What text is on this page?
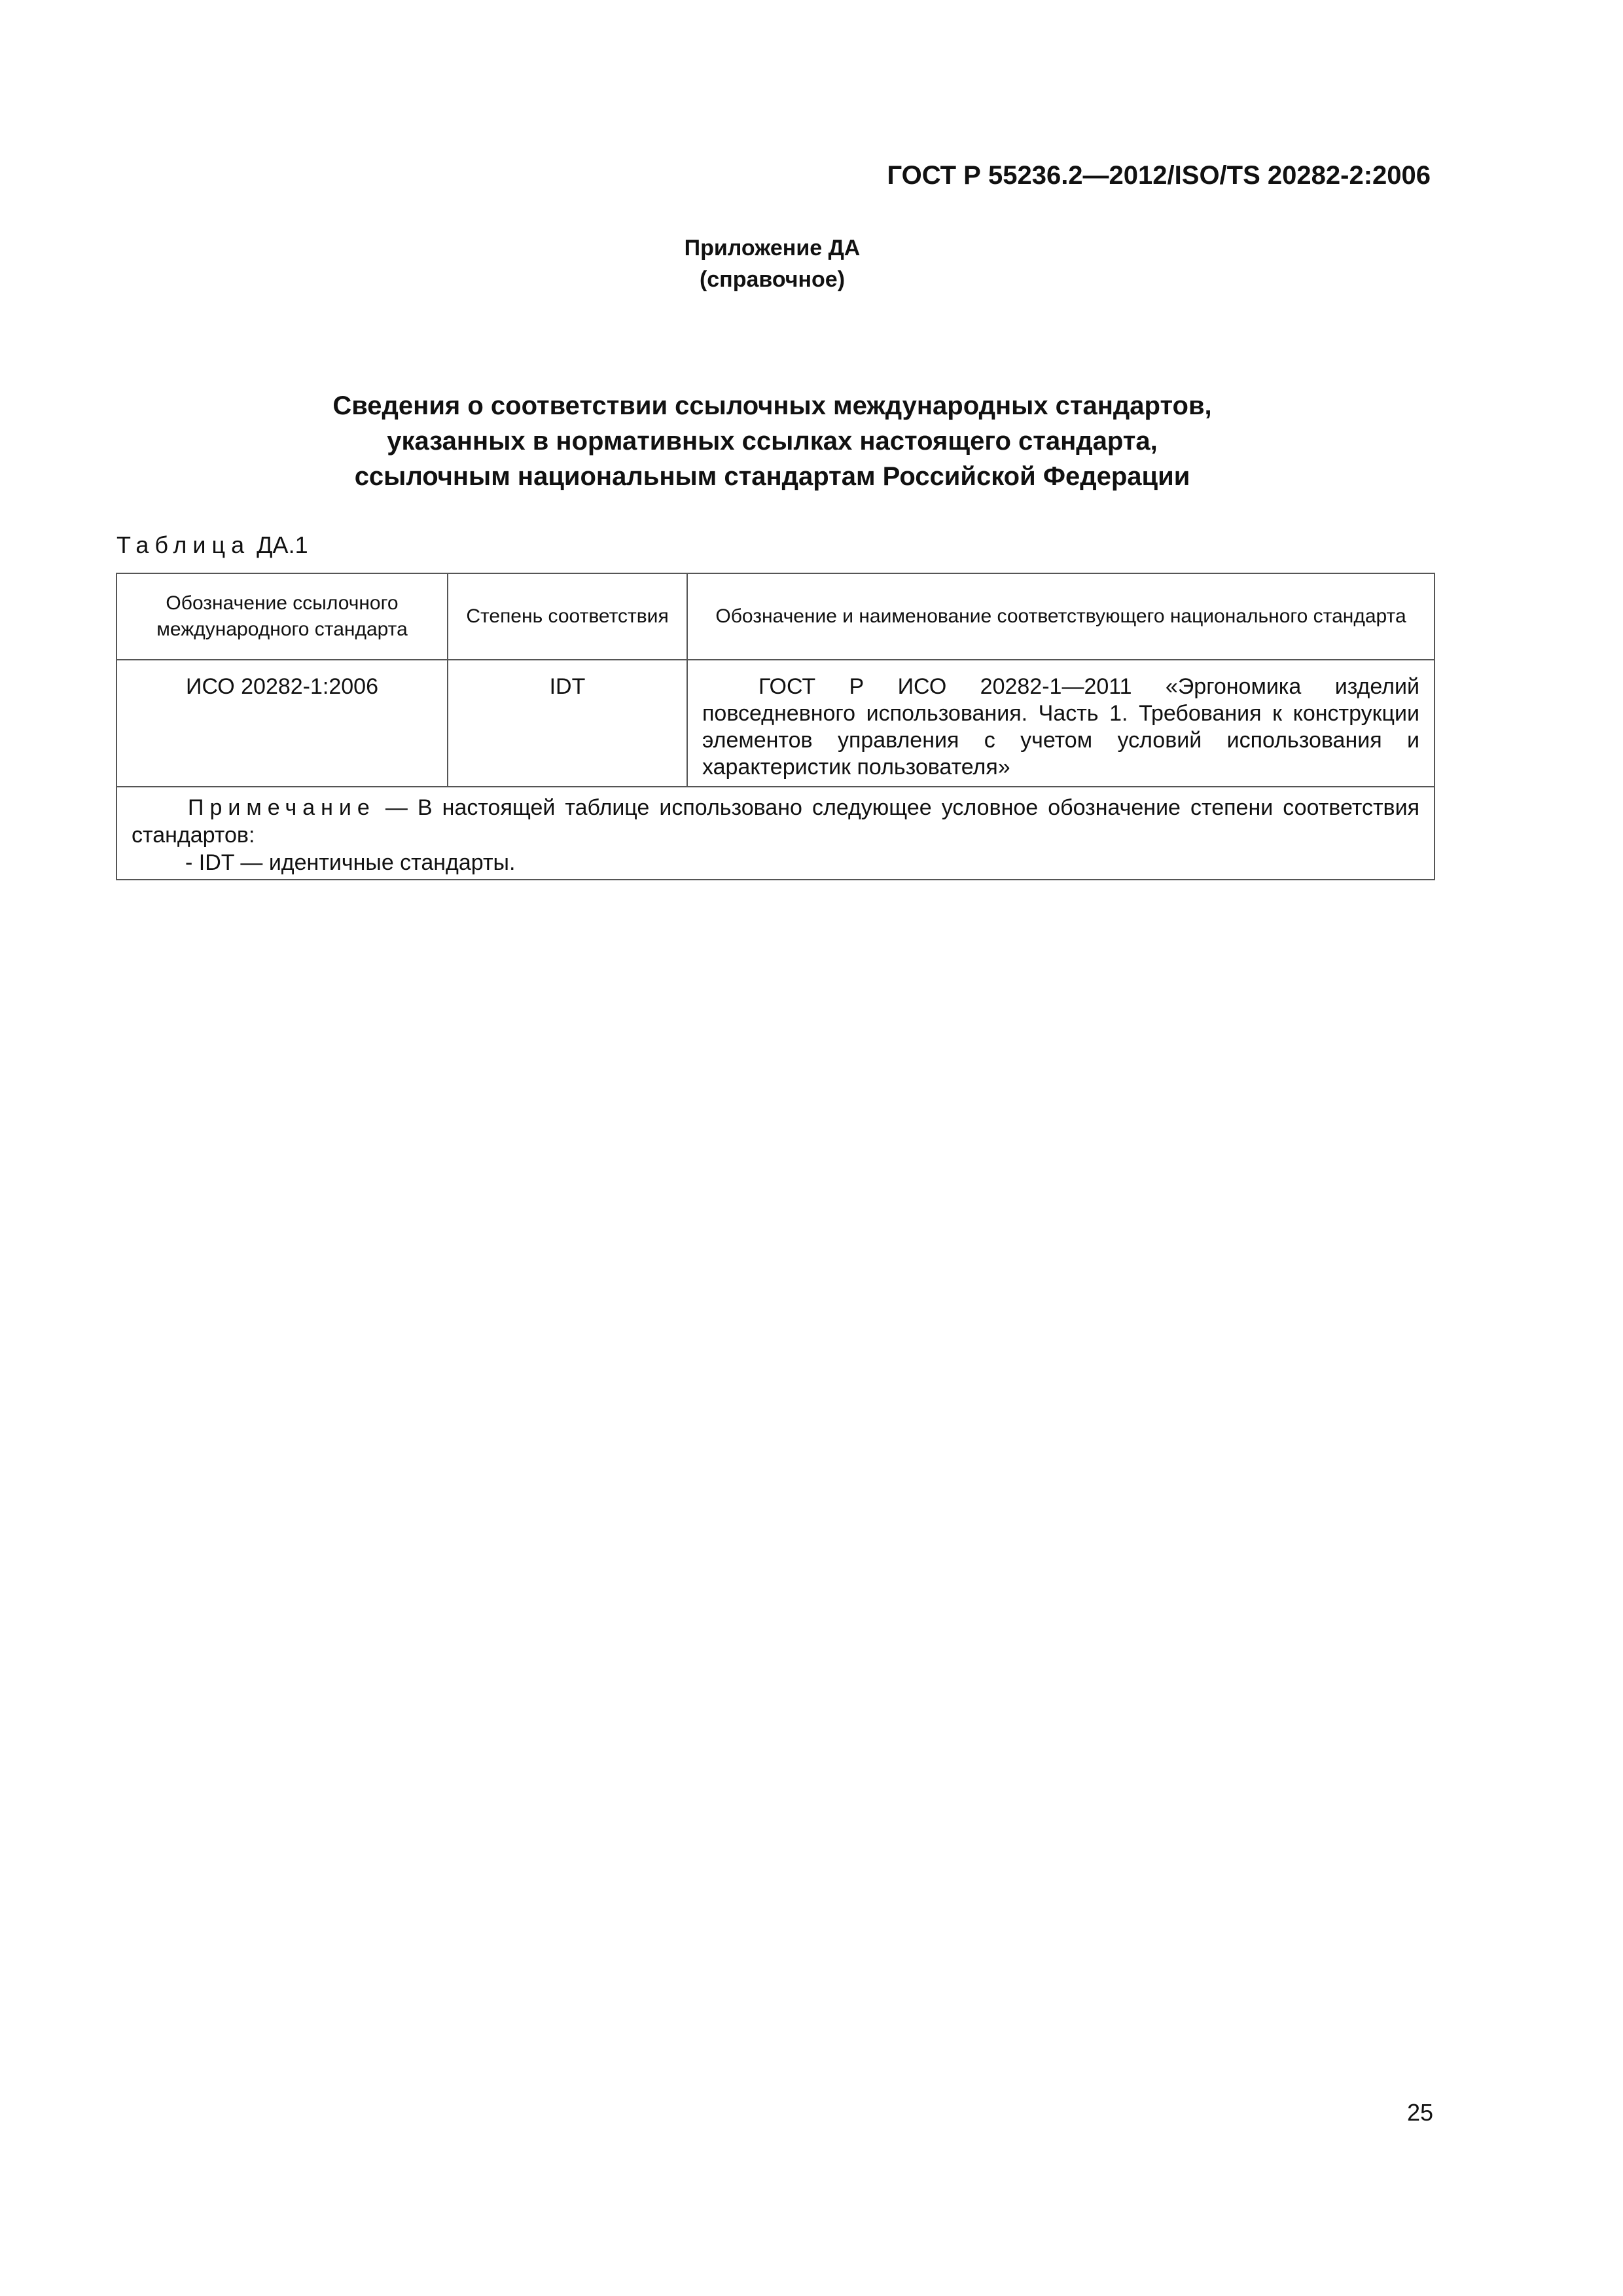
ГОСТ Р 55236.2—2012/ISO/TS 20282-2:2006

Приложение ДА
(справочное)
Сведения о соответствии ссылочных международных стандартов,
указанных в нормативных ссылках настоящего стандарта,
ссылочным национальным стандартам Российской Федерации

Таблица ДА.1

Обозначение ссылочного международного стандарта	Степень соответствия	Обозначение и наименование соответствующего национального стандарта
ИСО 20282-1:2006	IDT	ГОСТ Р ИСО 20282-1—2011 «Эргономика изделий повседневного использования. Часть 1. Требования к конструкции элементов управления с учетом условий использования и характеристик пользователя»

Примечание — В настоящей таблице использовано следующее условное обозначение степени соответствия стандартов:

- IDT — идентичные стандарты.		

25
